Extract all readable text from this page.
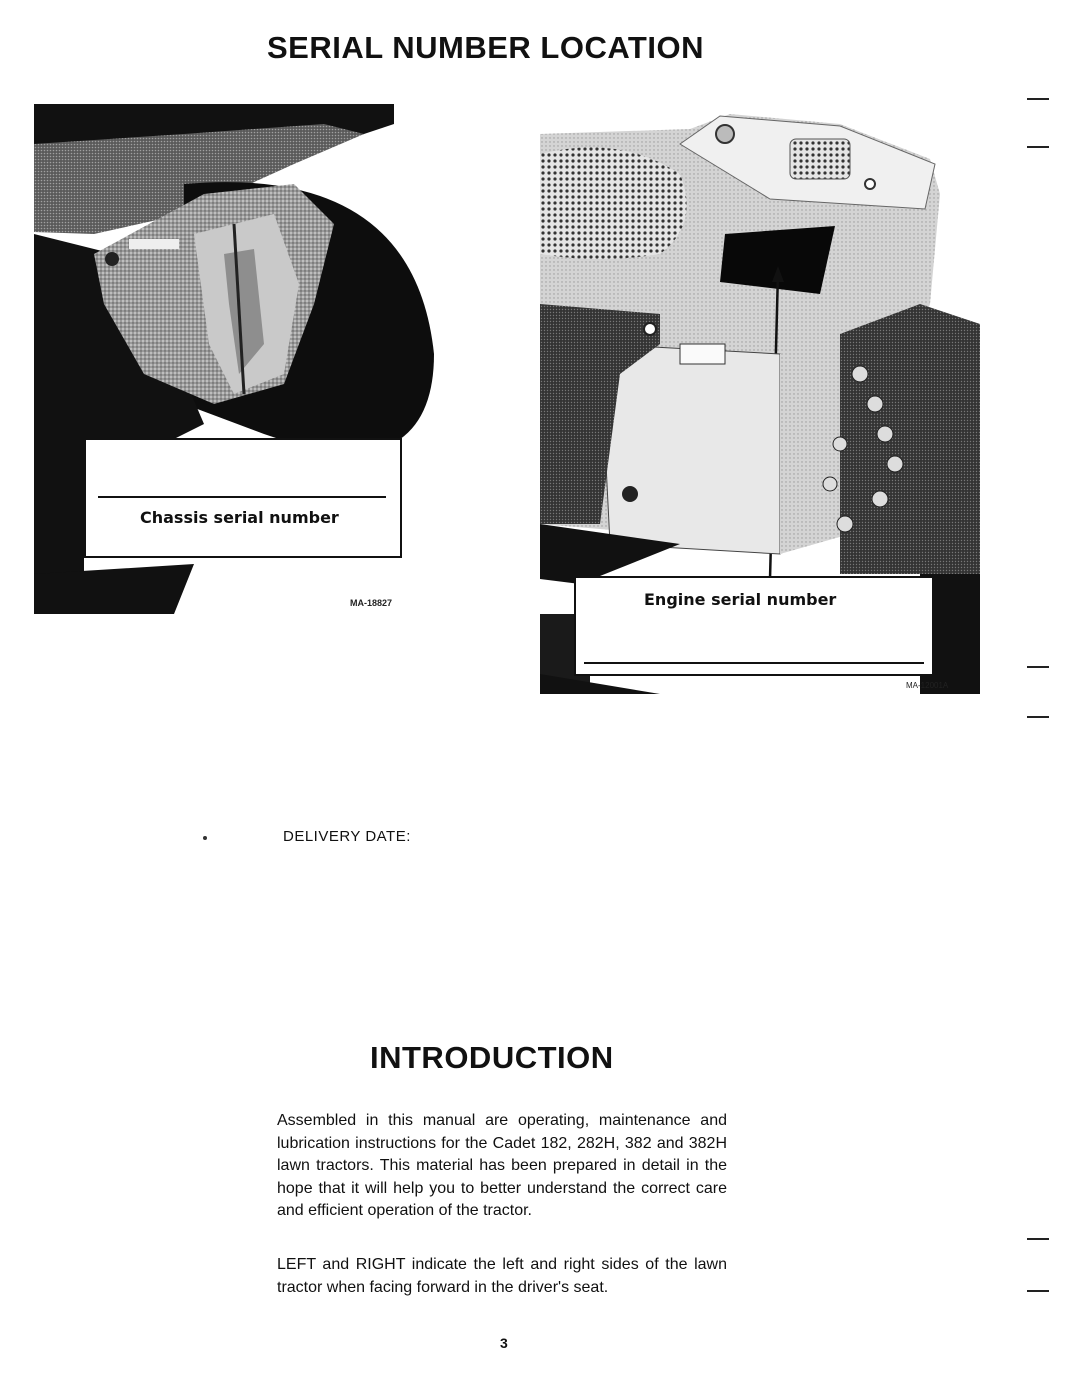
SERIAL NUMBER LOCATION
Chassis serial number
MA-18827	Engine serial number
MA-12001A
DELIVERY DATE:
INTRODUCTION

Assembled in this manual are operating, maintenance and lubrication instructions for the Cadet 182, 282H, 382 and 382H lawn tractors. This material has been prepared in detail in the hope that it will help you to better understand the correct care and efficient operation of the tractor.

LEFT and RIGHT indicate the left and right sides of the lawn tractor when facing forward in the driver's seat.

3
